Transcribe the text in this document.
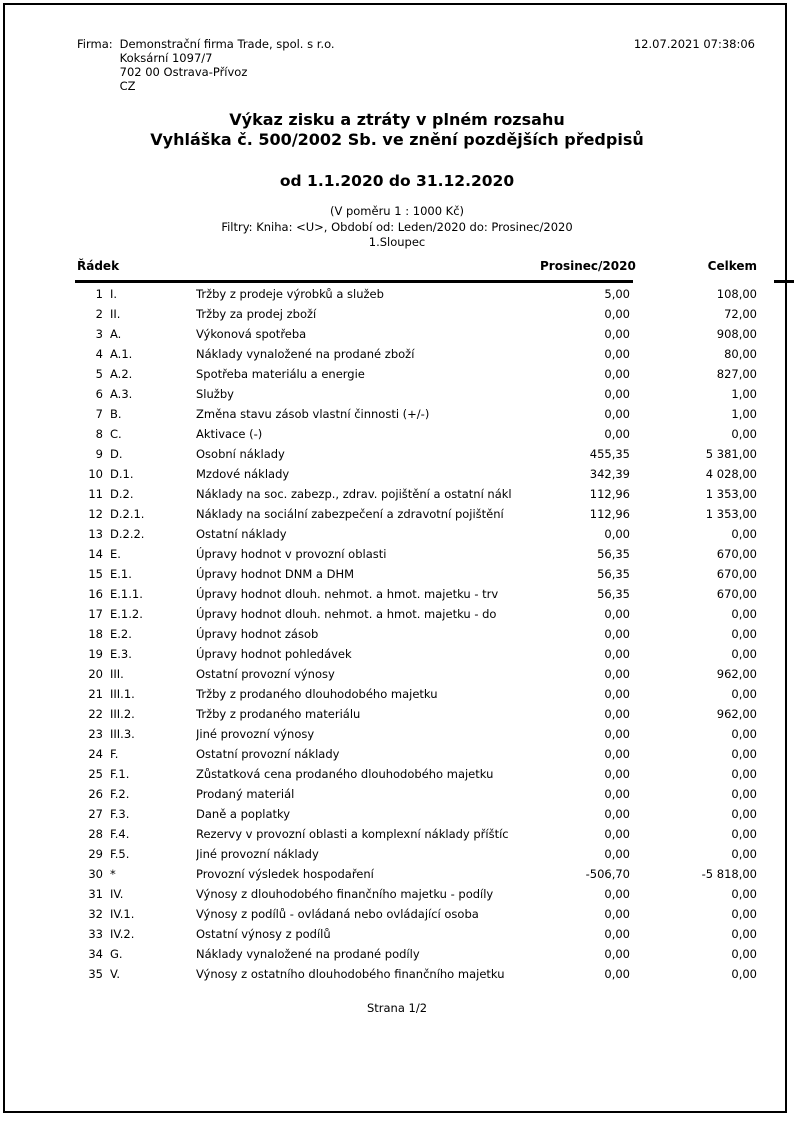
Firma: Demonstrační firma Trade, spol. s r.o.
Koksární 1097/7
702 00 Ostrava-Přívoz
CZ
12.07.2021 07:38:06
Výkaz zisku a ztráty v plném rozsahu
Vyhláška č. 500/2002 Sb. ve znění pozdějších předpisů
od 1.1.2020 do 31.12.2020
(V poměru 1 : 1000 Kč)
Filtry: Kniha: <U>, Období od: Leden/2020 do: Prosinec/2020
1.Sloupec
Řádek	Prosinec/2020	Celkem
1 I.	Tržby z prodeje výrobků a služeb	5,00	108,00
2 II.	Tržby za prodej zboží	0,00	72,00
3 A.	Výkonová spotřeba	0,00	908,00
4 A.1.	Náklady vynaložené na prodané zboží	0,00	80,00
5 A.2.	Spotřeba materiálu a energie	0,00	827,00
6 A.3.	Služby	0,00	1,00
7 B.	Změna stavu zásob vlastní činnosti (+/-)	0,00	1,00
8 C.	Aktivace (-)	0,00	0,00
9 D.	Osobní náklady	455,35	5 381,00
10 D.1.	Mzdové náklady	342,39	4 028,00
11 D.2.	Náklady na soc. zabezp., zdrav. pojištění a ostatní nákl	112,96	1 353,00
12 D.2.1.	Náklady na sociální zabezpečení a zdravotní pojištění	112,96	1 353,00
13 D.2.2.	Ostatní náklady	0,00	0,00
14 E.	Úpravy hodnot v provozní oblasti	56,35	670,00
15 E.1.	Úpravy hodnot DNM a DHM	56,35	670,00
16 E.1.1.	Úpravy hodnot dlouh. nehmot. a hmot. majetku - trv	56,35	670,00
17 E.1.2.	Úpravy hodnot dlouh. nehmot. a hmot. majetku - do	0,00	0,00
18 E.2.	Úpravy hodnot zásob	0,00	0,00
19 E.3.	Úpravy hodnot pohledávek	0,00	0,00
20 III.	Ostatní provozní výnosy	0,00	962,00
21 III.1.	Tržby z prodaného dlouhodobého majetku	0,00	0,00
22 III.2.	Tržby z prodaného materiálu	0,00	962,00
23 III.3.	Jiné provozní výnosy	0,00	0,00
24 F.	Ostatní provozní náklady	0,00	0,00
25 F.1.	Zůstatková cena prodaného dlouhodobého majetku	0,00	0,00
26 F.2.	Prodaný materiál	0,00	0,00
27 F.3.	Daně a poplatky	0,00	0,00
28 F.4.	Rezervy v provozní oblasti a komplexní náklady příštíc	0,00	0,00
29 F.5.	Jiné provozní náklady	0,00	0,00
30 *	Provozní výsledek hospodaření	-506,70	-5 818,00
31 IV.	Výnosy z dlouhodobého finančního majetku - podíly	0,00	0,00
32 IV.1.	Výnosy z podílů - ovládaná nebo ovládající osoba	0,00	0,00
33 IV.2.	Ostatní výnosy z podílů	0,00	0,00
34 G.	Náklady vynaložené na prodané podíly	0,00	0,00
35 V.	Výnosy z ostatního dlouhodobého finančního majetku	0,00	0,00
Strana 1/2
